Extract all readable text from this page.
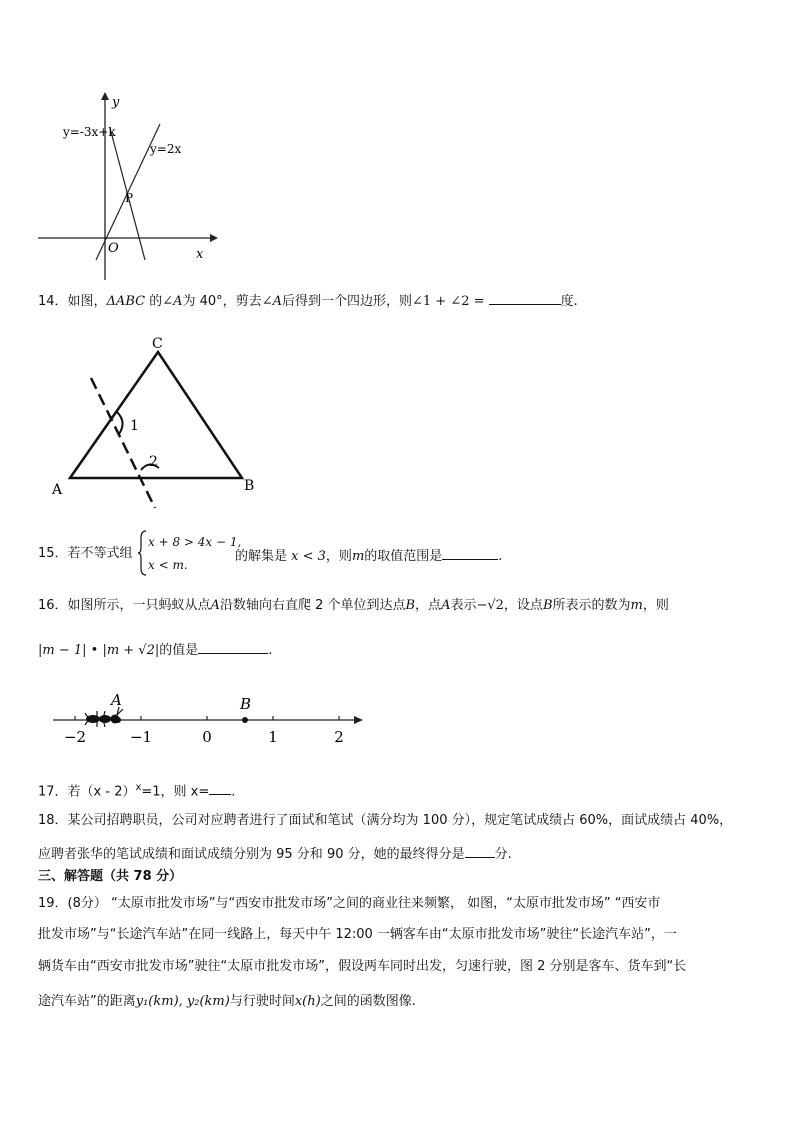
y
x
O
y=-3x+k
y=2x
P
14．如图，ΔABC 的∠A为 40°，剪去∠A后得到一个四边形，则∠1 + ∠2 =	度.
C
A	B
1
2
15．若不等式组
x + 8 > 4x − 1,
x < m.
的解集是 x < 3，则m的取值范围是	.
16．如图所示，一只蚂蚁从点A沿数轴向右直爬 2 个单位到达点B，点A表示−√2，设点B所表示的数为m，则
|m − 1| • |m + √2|的值是	.
−2	−1	0	1	2
A	B
17．若（x - 2）$^x$=1，则 x= .
18．某公司招聘职员，公司对应聘者进行了面试和笔试（满分均为 100 分），规定笔试成绩占 60%，面试成绩占 40%，
应聘者张华的笔试成绩和面试成绩分别为 95 分和 90 分，她的最终得分是 分.
三、解答题（共 78 分）
19．(8分） “太原市批发市场”与“西安市批发市场”之间的商业往来频繁， 如图，“太原市批发市场” “西安市
批发市场”与“长途汽车站”在同一线路上，每天中午 12:00 一辆客车由“太原市批发市场”驶往“长途汽车站”，一
辆货车由“西安市批发市场”驶往“太原市批发市场”，假设两车同时出发，匀速行驶，图 2 分别是客车、货车到“长
途汽车站”的距离y₁(km), y₂(km)与行驶时间x(h)之间的函数图像.
